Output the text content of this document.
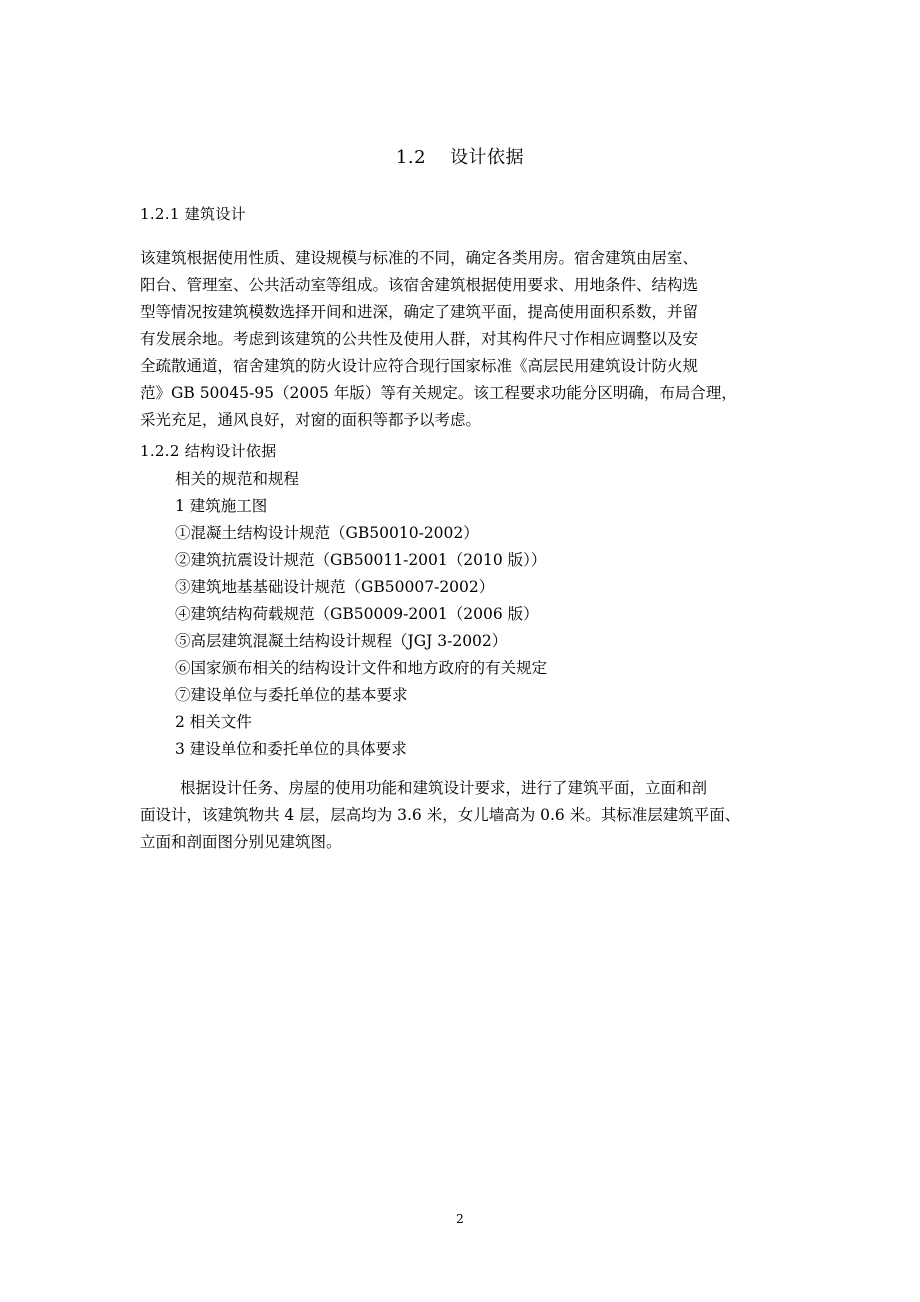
1.2 设计依据
1.2.1 建筑设计
该建筑根据使用性质、建设规模与标准的不同，确定各类用房。宿舍建筑由居室、
阳台、管理室、公共活动室等组成。该宿舍建筑根据使用要求、用地条件、结构选
型等情况按建筑模数选择开间和进深，确定了建筑平面，提高使用面积系数，并留
有发展余地。考虑到该建筑的公共性及使用人群，对其构件尺寸作相应调整以及安
全疏散通道，宿舍建筑的防火设计应符合现行国家标准《高层民用建筑设计防火规
范》GB 50045-95（2005 年版）等有关规定。该工程要求功能分区明确，布局合理，
采光充足，通风良好，对窗的面积等都予以考虑。
1.2.2 结构设计依据
相关的规范和规程
1 建筑施工图
①混凝土结构设计规范（GB50010-2002）
②建筑抗震设计规范（GB50011-2001（2010 版））
③建筑地基基础设计规范（GB50007-2002）
④建筑结构荷载规范（GB50009-2001（2006 版）
⑤高层建筑混凝土结构设计规程（JGJ 3-2002）
⑥国家颁布相关的结构设计文件和地方政府的有关规定
⑦建设单位与委托单位的基本要求
2 相关文件
3 建设单位和委托单位的具体要求
根据设计任务、房屋的使用功能和建筑设计要求，进行了建筑平面，立面和剖
面设计，该建筑物共 4 层，层高均为 3.6 米，女儿墙高为 0.6 米。其标准层建筑平面、
立面和剖面图分别见建筑图。
2
